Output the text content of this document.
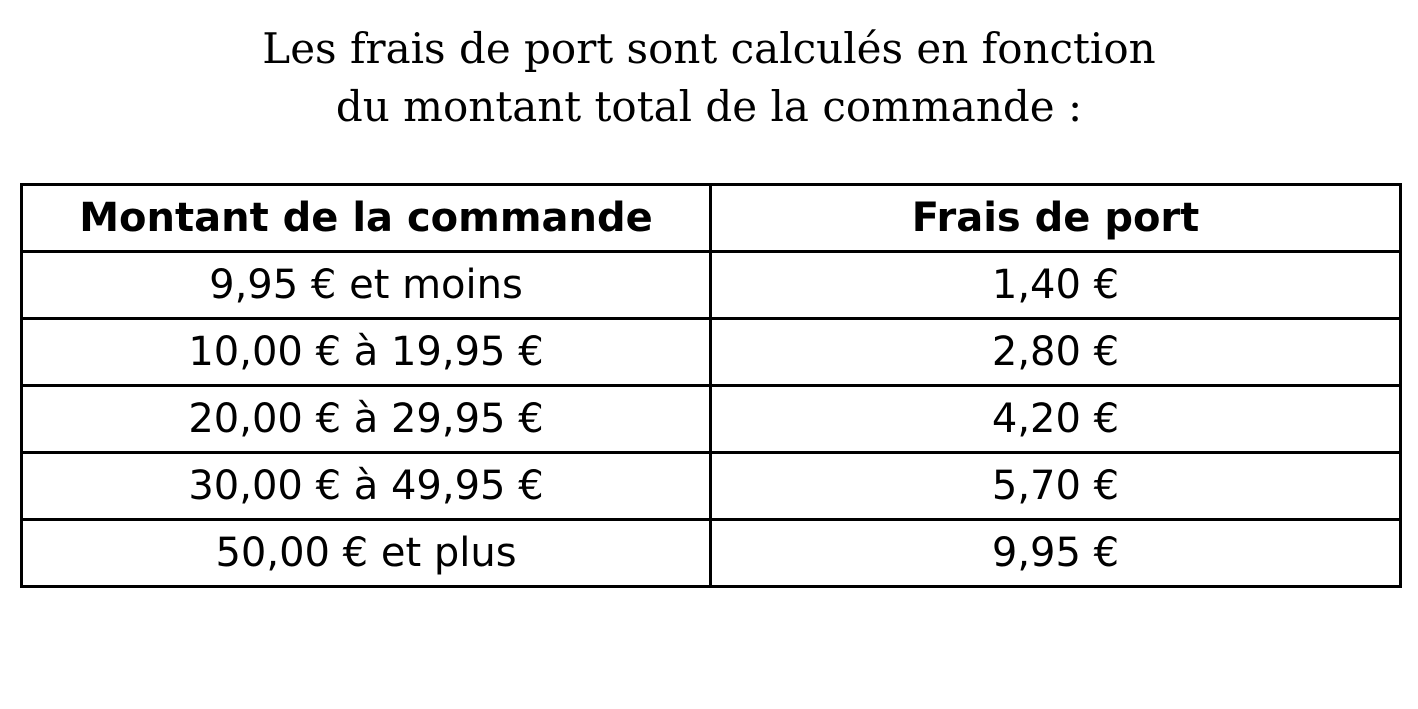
Les frais de port sont calculés en fonction
du montant total de la commande :

Montant de la commande	Frais de port
9,95 € et moins	1,40 €
10,00 € à 19,95 €	2,80 €
20,00 € à 29,95 €	4,20 €
30,00 € à 49,95 €	5,70 €
50,00 € et plus	9,95 €
